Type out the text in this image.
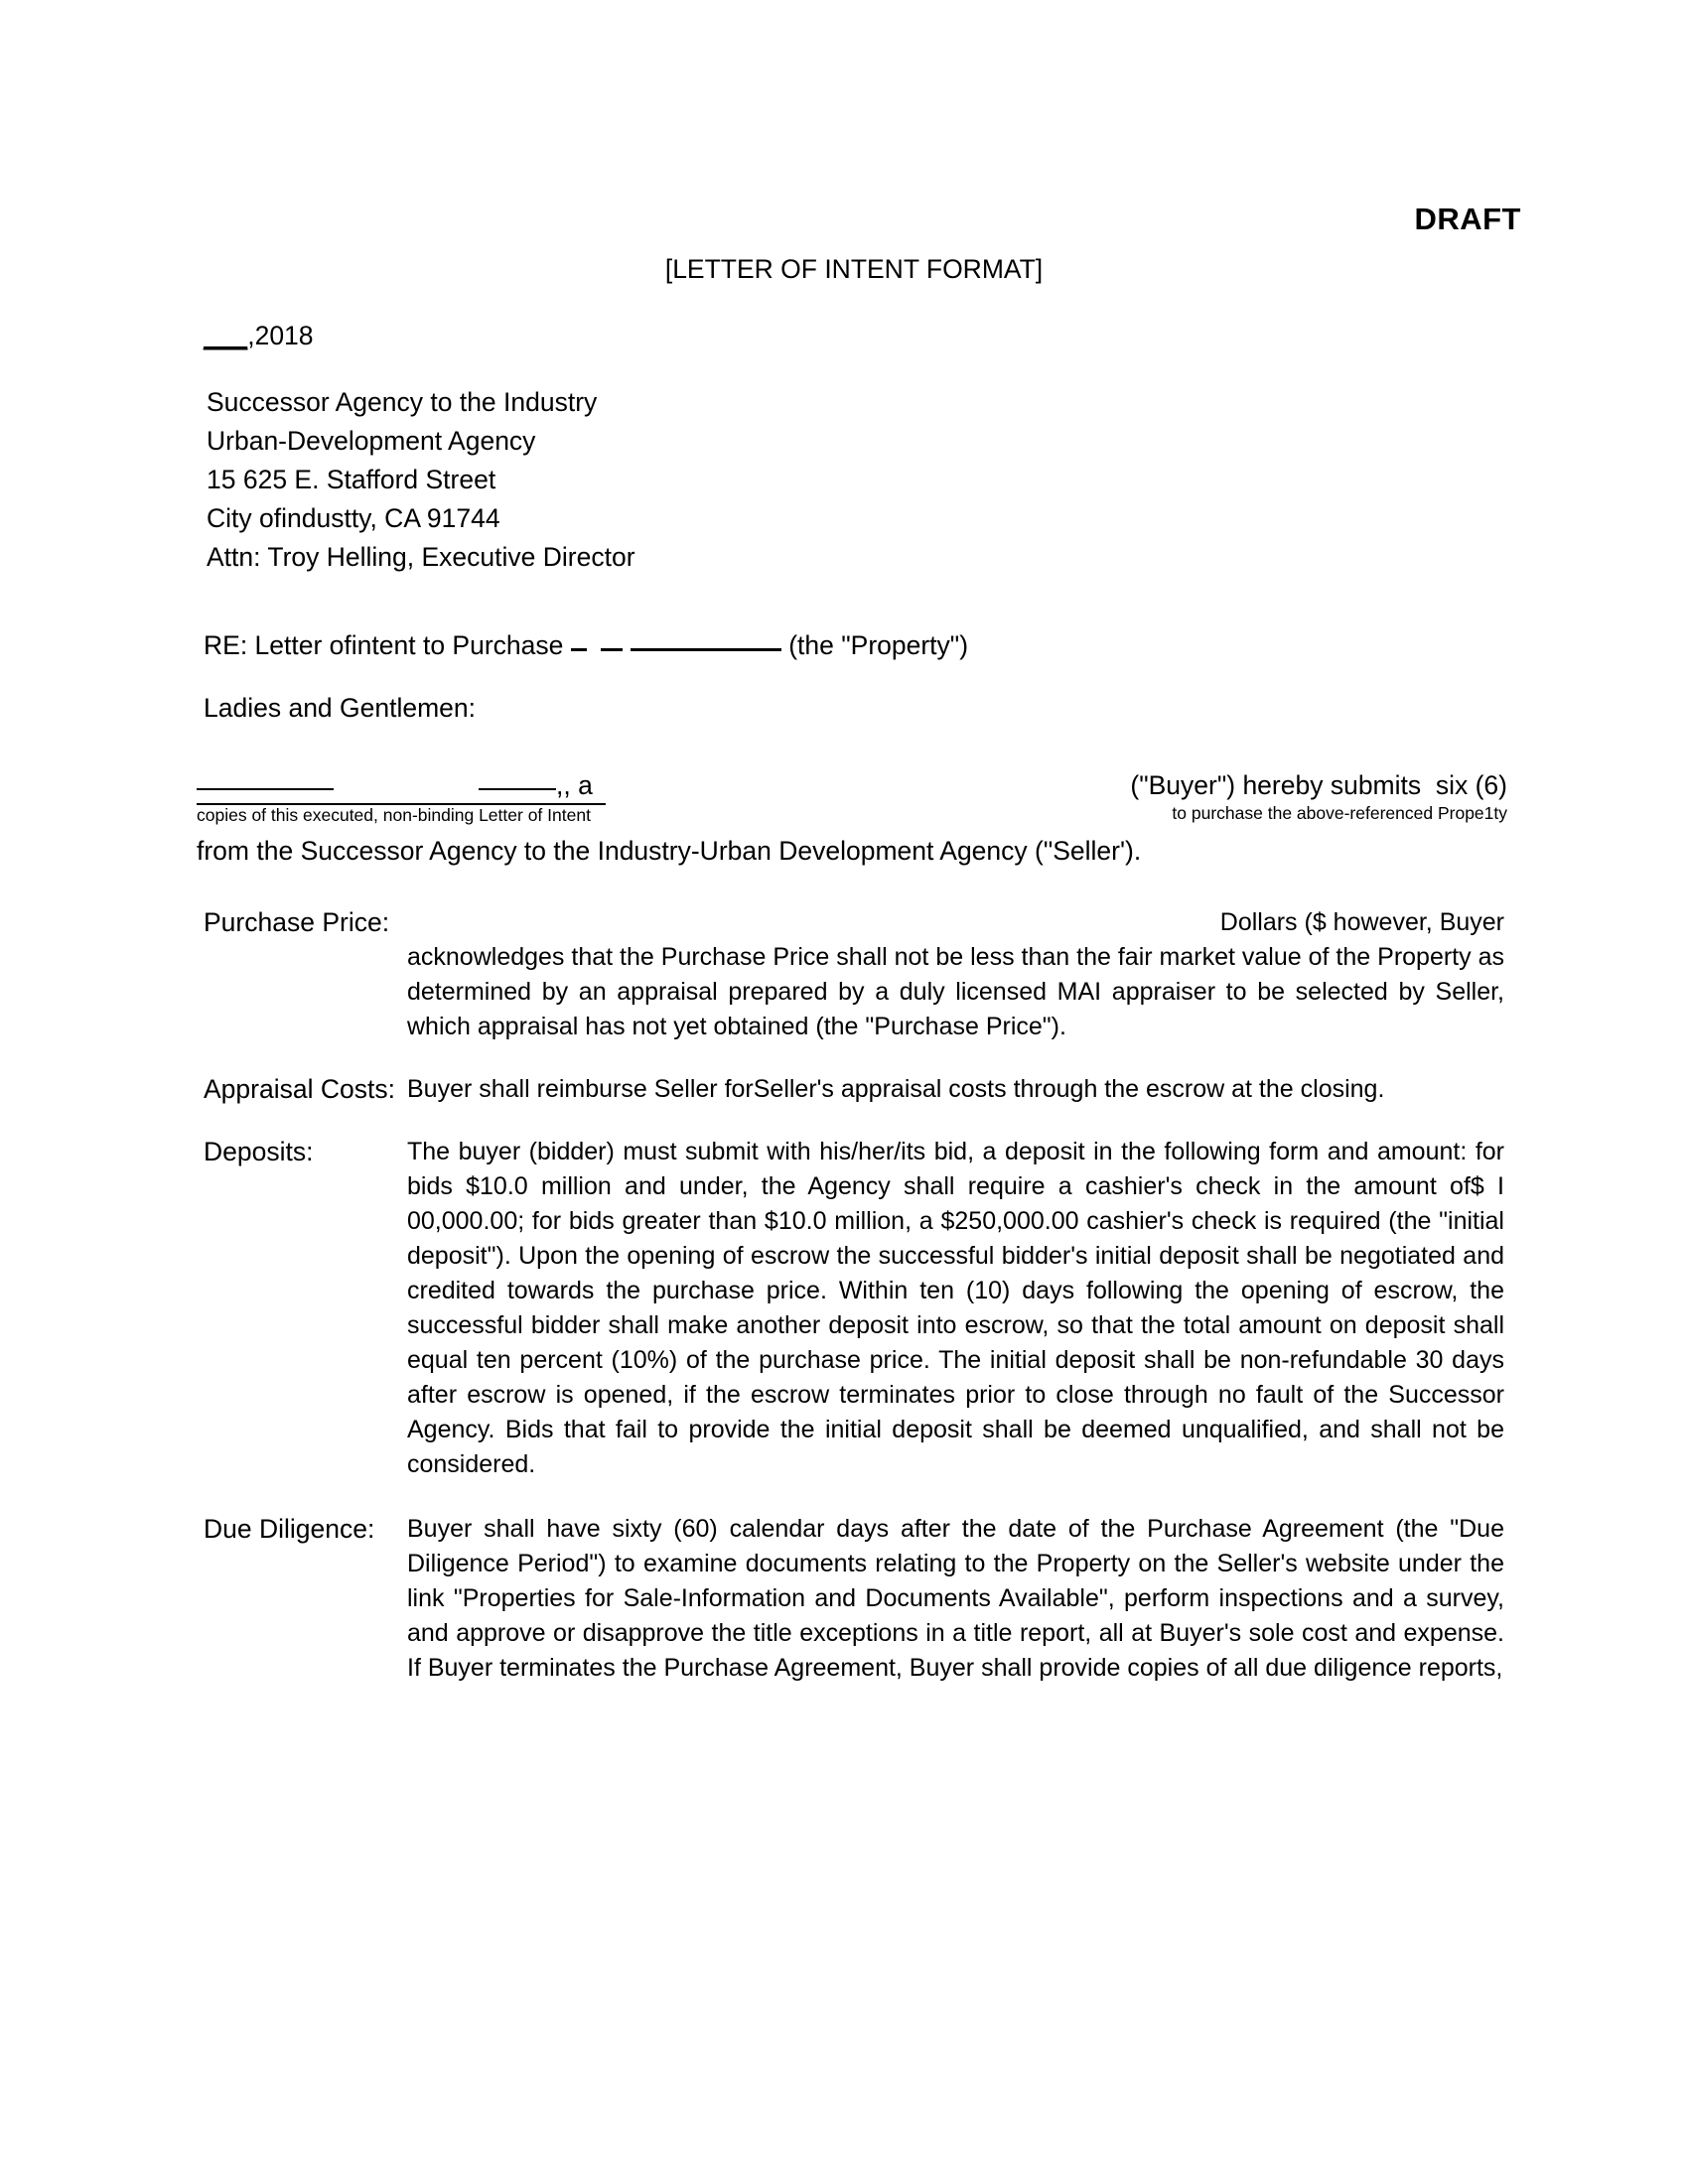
DRAFT
[LETTER OF INTENT FORMAT]
___,2018
Successor Agency to the Industry
Urban-Development Agency
15 625 E. Stafford Street
City ofindustty, CA 91744
Attn: Troy Helling, Executive Director
RE: Letter ofintent to Purchase	(the "Property")
Ladies and Gentlemen:
,, a
copies of this executed, non-binding Letter of Intent
("Buyer") hereby submits  six (6)
to purchase the above-referenced Prope1ty
from the Successor Agency to the Industry-Urban Development Agency ("Seller').
Purchase Price:	Dollars ($ however, Buyer

acknowledges that the Purchase Price shall not be less than the fair market value of the Property as determined by an appraisal prepared by a duly licensed MAI appraiser to be selected by Seller, which appraisal has not yet obtained (the "Purchase Price").

Appraisal Costs: Buyer shall reimburse Seller forSeller's appraisal costs through the escrow at the closing.

Deposits:	The buyer (bidder) must submit with his/her/its bid, a deposit in the following form and amount: for bids $10.0 million and under, the Agency shall require a cashier's check in the amount of$ I 00,000.00; for bids greater than $10.0 million, a $250,000.00 cashier's check is required (the "initial deposit"). Upon the opening of escrow the successful bidder's initial deposit shall be negotiated and credited towards the purchase price. Within ten (10) days following the opening of escrow, the successful bidder shall make another deposit into escrow, so that the total amount on deposit shall equal ten percent (10%) of the purchase price. The initial deposit shall be non-refundable 30 days after escrow is opened, if the escrow terminates prior to close through no fault of the Successor Agency. Bids that fail to provide the initial deposit shall be deemed unqualified, and shall not be considered.

Due Diligence:	Buyer shall have sixty (60) calendar days after the date of the Purchase Agreement (the "Due Diligence Period") to examine documents relating to the Property on the Seller's website under the link "Properties for Sale-Information and Documents Available", perform inspections and a survey, and approve or disapprove the title exceptions in a title report, all at Buyer's sole cost and expense. If Buyer terminates the Purchase Agreement, Buyer shall provide copies of all due diligence reports,
